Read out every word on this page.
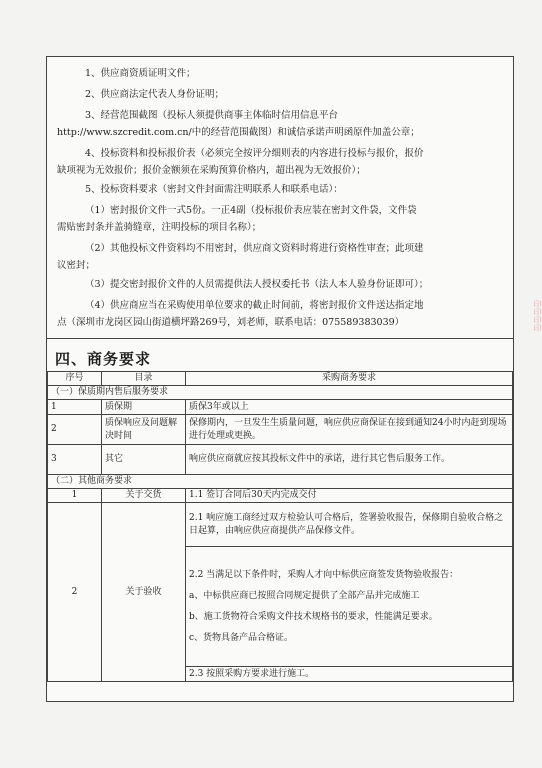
1、供应商资质证明文件；
2、供应商法定代表人身份证明；
3、经营范围截图（投标人须提供商事主体临时信用信息平台
http://www.szcredit.com.cn/中的经营范围截图）和诚信承诺声明函原件加盖公章；
4、投标资料和投标报价表（必须完全按评分细则表的内容进行投标与报价，报价
缺项视为无效报价；报价金额须在采购预算价格内，超出视为无效报价）；
5、投标资料要求（密封文件封面需注明联系人和联系电话）：
（1）密封报价文件一式5份。一正4副（投标报价表应装在密封文件袋，文件袋
需贴密封条并盖骑缝章，注明投标的项目名称）；
（2）其他投标文件资料均不用密封，供应商文资料时将进行资格性审查；此项建
议密封；
（3）提交密封报价文件的人员需提供法人授权委托书（法人本人验身份证即可）；
（4）供应商应当在采购使用单位要求的截止时间前，将密封报价文件送达指定地
点（深圳市龙岗区园山街道横坪路269号，刘老师，联系电话：075589383039）
四、商务要求
序号	目录	采购商务要求
（一）保质期内售后服务要求		
1	质保期	质保3年或以上
2	质保响应及问题解决时间	保修期内，一旦发生生质量问题，响应供应商保证在接到通知24小时内赶到现场进行处理或更换。
3	其它	响应供应商就应按其投标文件中的承诺，进行其它售后服务工作。
（二）其他商务要求		
1	关于交货	1.1 签订合同后30天内完成交付
2	关于验收	2.1 响应施工商经过双方检验认可合格后，签署验收报告，保修期自验收合格之日起算，由响应供应商提供产品保修文件。

		2.2 当满足以下条件时，采购人才向中标供应商签发货物验收报告：
a、中标供应商已按照合同规定提供了全部产品并完成施工
b、施工货物符合采购文件技术规格书的要求，性能满足要求。
c、货物具备产品合格证。

		2.3 按照采购方要求进行施工。
印印印印
